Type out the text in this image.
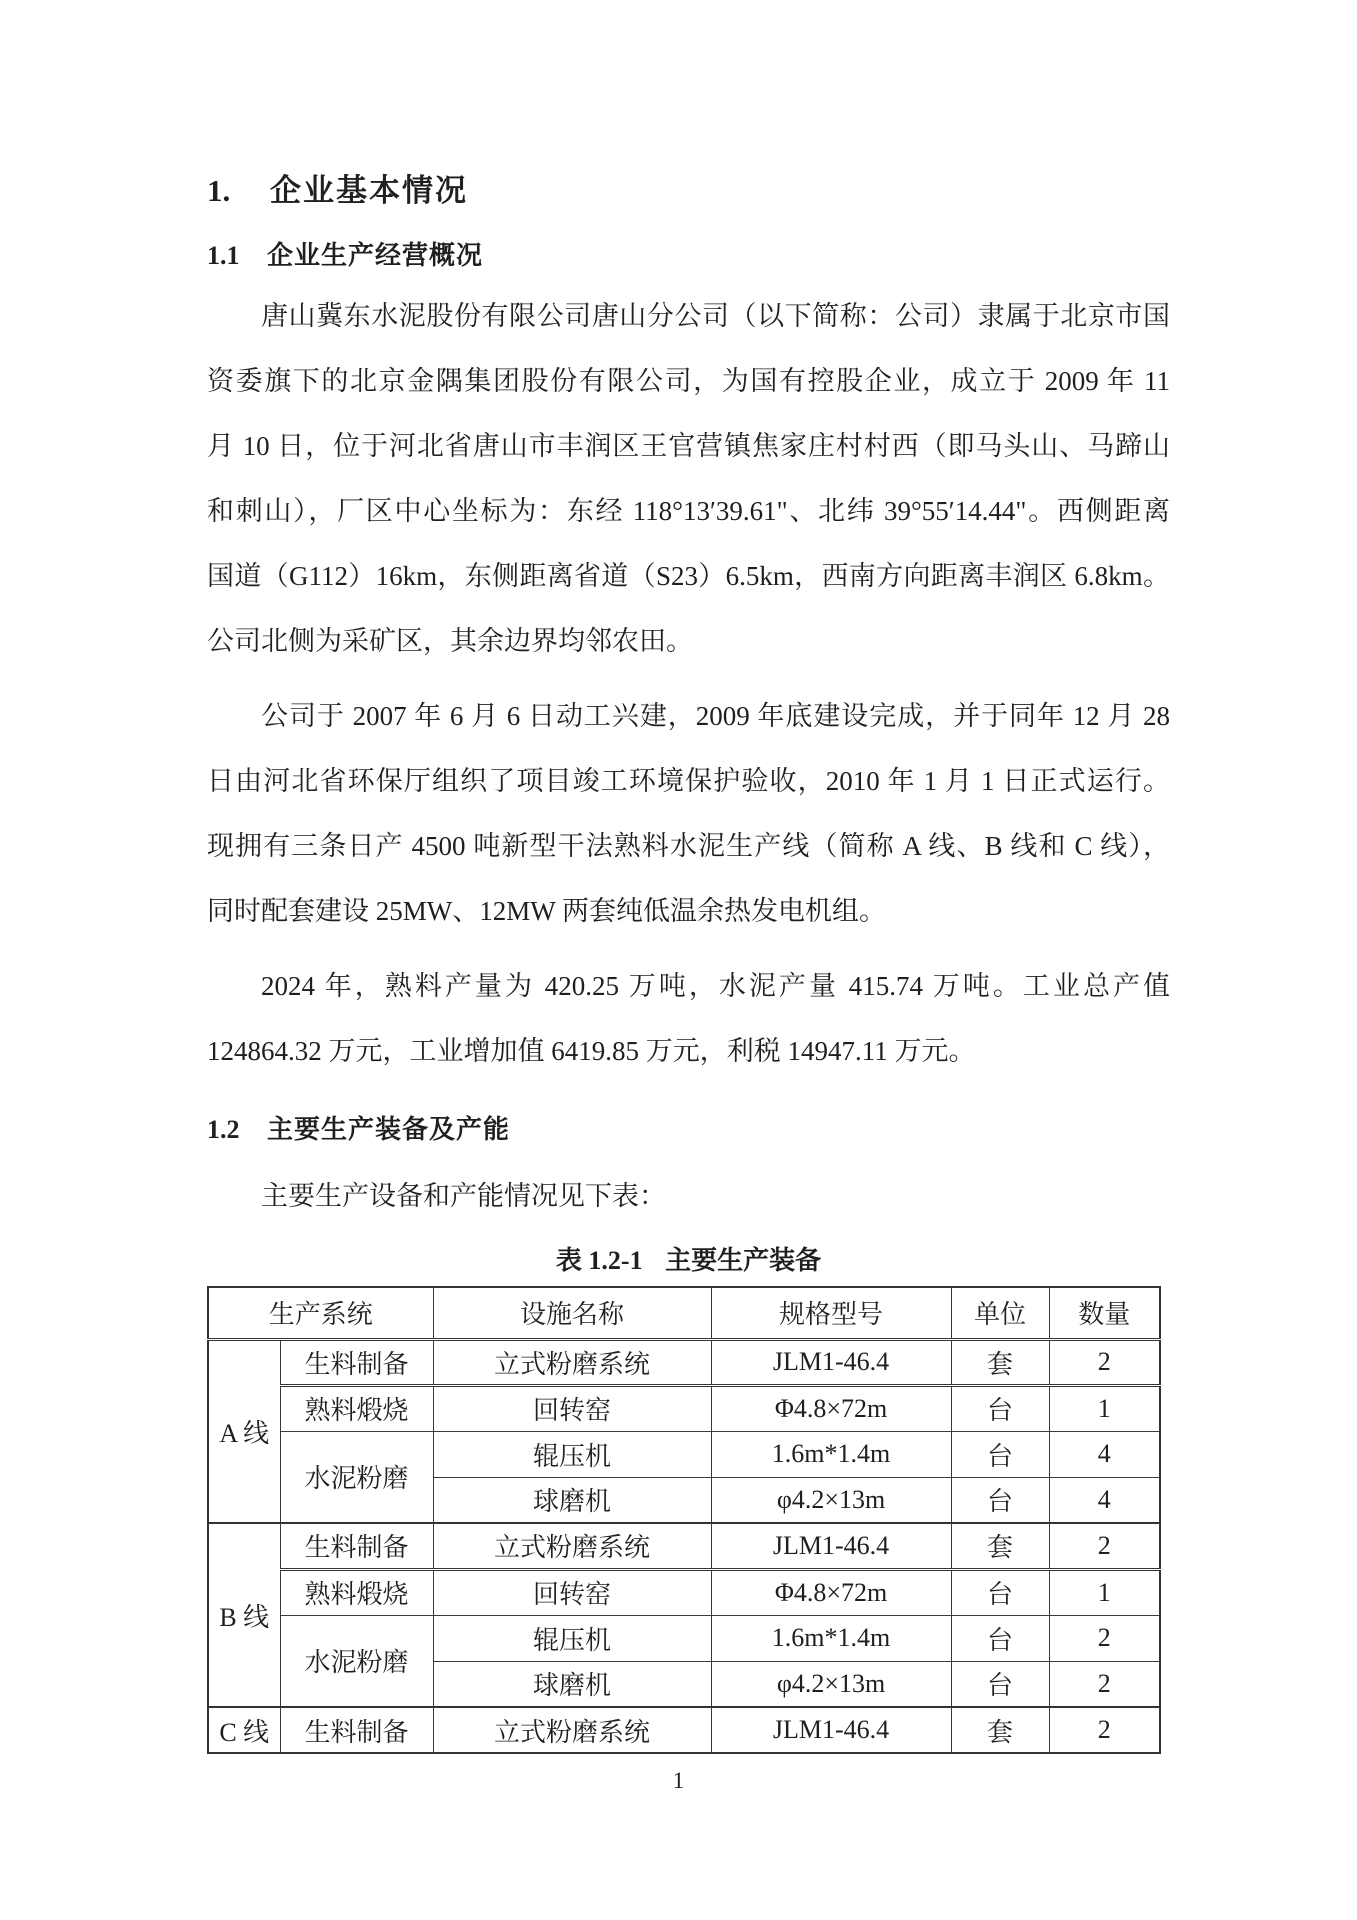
1. 企业基本情况
1.1 企业生产经营概况
唐山冀东水泥股份有限公司唐山分公司（以下简称：公司）隶属于北京市国
资委旗下的北京金隅集团股份有限公司，为国有控股企业，成立于 2009 年 11
月 10 日，位于河北省唐山市丰润区王官营镇焦家庄村村西（即马头山、马蹄山
和刺山），厂区中心坐标为：东经 118°13′39.61"、北纬 39°55′14.44"。西侧距离
国道（G112）16km，东侧距离省道（S23）6.5km，西南方向距离丰润区 6.8km。
公司北侧为采矿区，其余边界均邻农田。
公司于 2007 年 6 月 6 日动工兴建，2009 年底建设完成，并于同年 12 月 28
日由河北省环保厅组织了项目竣工环境保护验收，2010 年 1 月 1 日正式运行。
现拥有三条日产 4500 吨新型干法熟料水泥生产线（简称 A 线、B 线和 C 线），
同时配套建设 25MW、12MW 两套纯低温余热发电机组。
2024 年，熟料产量为 420.25 万吨，水泥产量 415.74 万吨。工业总产值
124864.32 万元，工业增加值 6419.85 万元，利税 14947.11 万元。
1.2 主要生产装备及产能
主要生产设备和产能情况见下表：
表 1.2-1 主要生产装备
生产系统		设施名称	规格型号	单位	数量
A 线	生料制备	立式粉磨系统	JLM1-46.4	套	2
	熟料煅烧	回转窑	Φ4.8×72m	台	1
	水泥粉磨	辊压机	1.6m*1.4m	台	4
		球磨机	φ4.2×13m	台	4
B 线	生料制备	立式粉磨系统	JLM1-46.4	套	2
	熟料煅烧	回转窑	Φ4.8×72m	台	1
	水泥粉磨	辊压机	1.6m*1.4m	台	2
		球磨机	φ4.2×13m	台	2
C 线	生料制备	立式粉磨系统	JLM1-46.4	套	2
1
